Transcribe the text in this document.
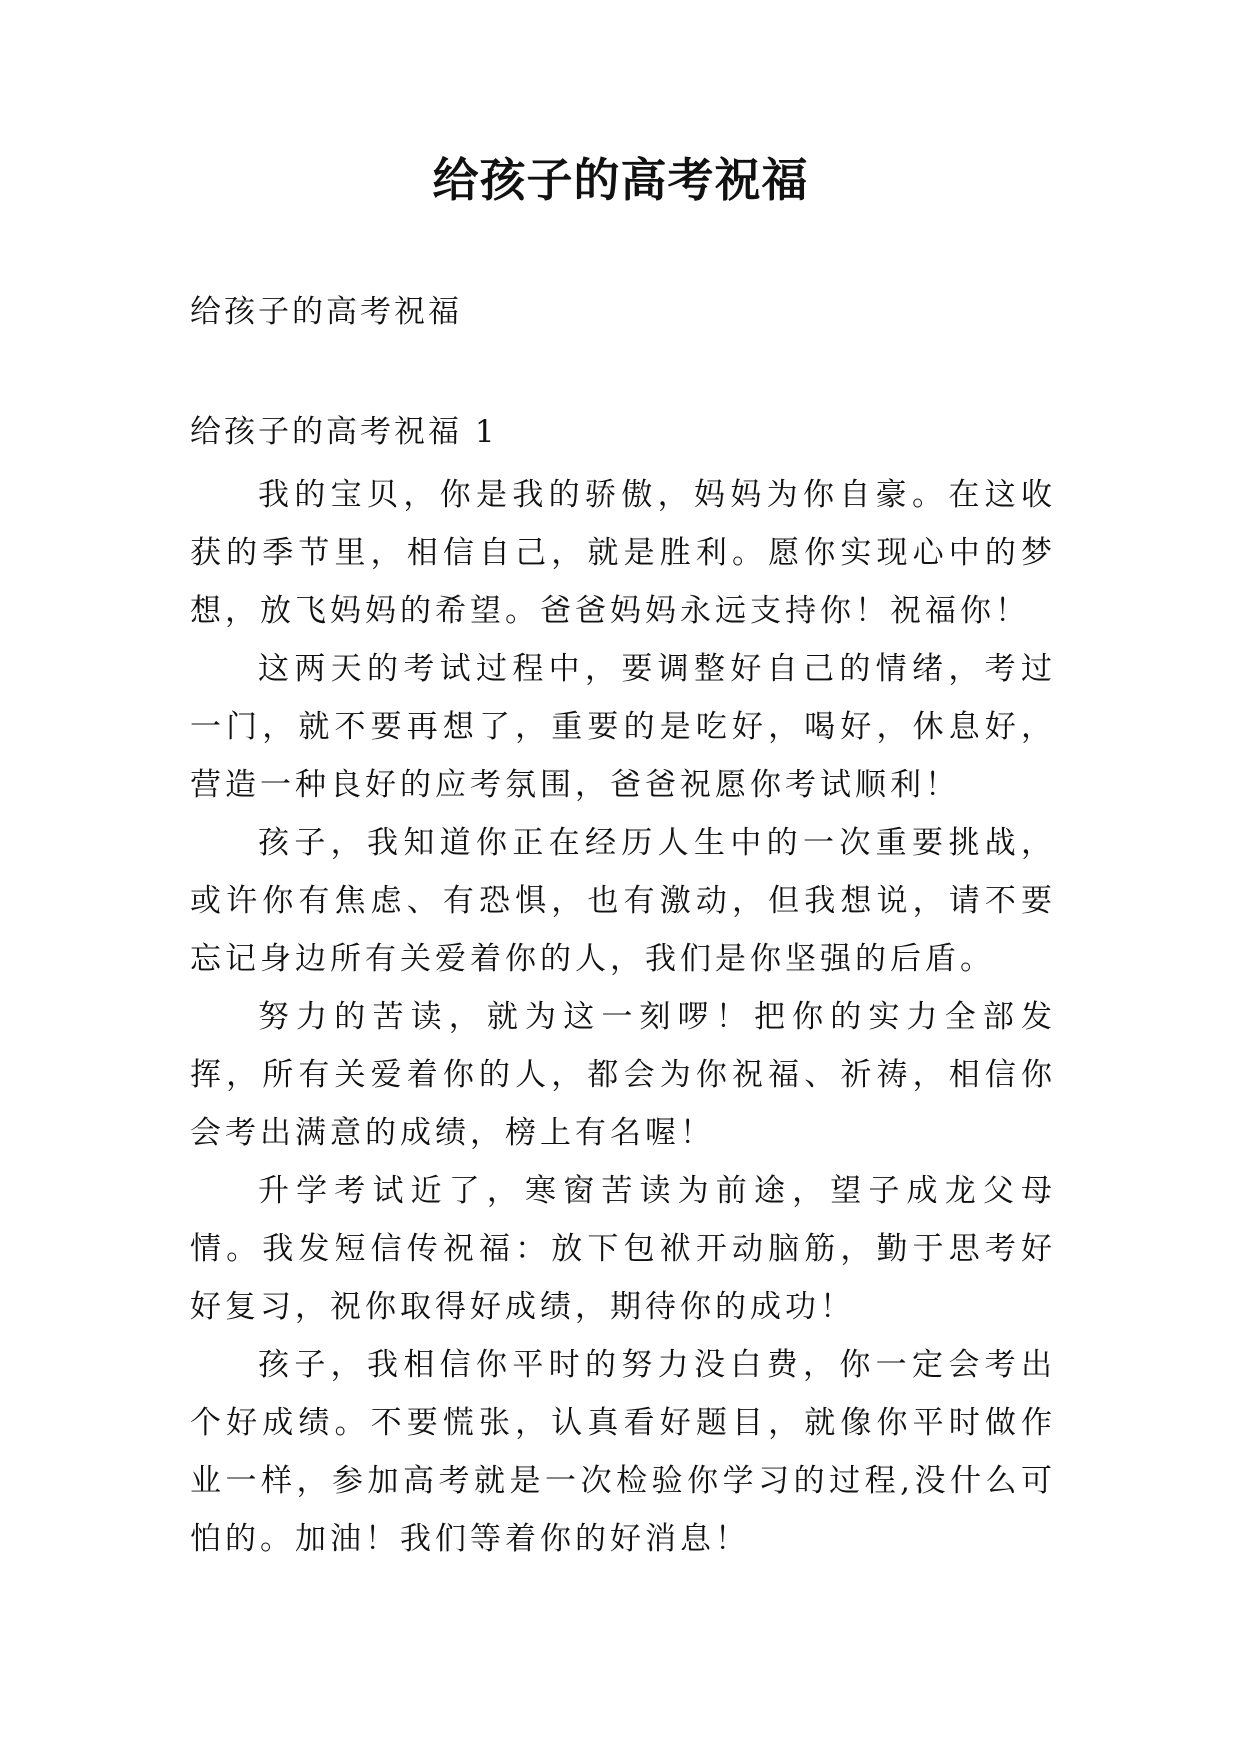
给孩子的高考祝福
给孩子的高考祝福
给孩子的高考祝福 1

我的宝贝，你是我的骄傲，妈妈为你自豪。在这收获的季节里，相信自己，就是胜利。愿你实现心中的梦想，放飞妈妈的希望。爸爸妈妈永远支持你！祝福你！

这两天的考试过程中，要调整好自己的情绪，考过一门，就不要再想了，重要的是吃好，喝好，休息好，营造一种良好的应考氛围，爸爸祝愿你考试顺利！

孩子，我知道你正在经历人生中的一次重要挑战，或许你有焦虑、有恐惧，也有激动，但我想说，请不要忘记身边所有关爱着你的人，我们是你坚强的后盾。

努力的苦读，就为这一刻啰！把你的实力全部发挥，所有关爱着你的人，都会为你祝福、祈祷，相信你会考出满意的成绩，榜上有名喔！

升学考试近了，寒窗苦读为前途，望子成龙父母情。我发短信传祝福：放下包袱开动脑筋，勤于思考好好复习，祝你取得好成绩，期待你的成功！

孩子，我相信你平时的努力没白费，你一定会考出个好成绩。不要慌张，认真看好题目，就像你平时做作业一样，参加高考就是一次检验你学习的过程,没什么可怕的。加油！我们等着你的好消息！
